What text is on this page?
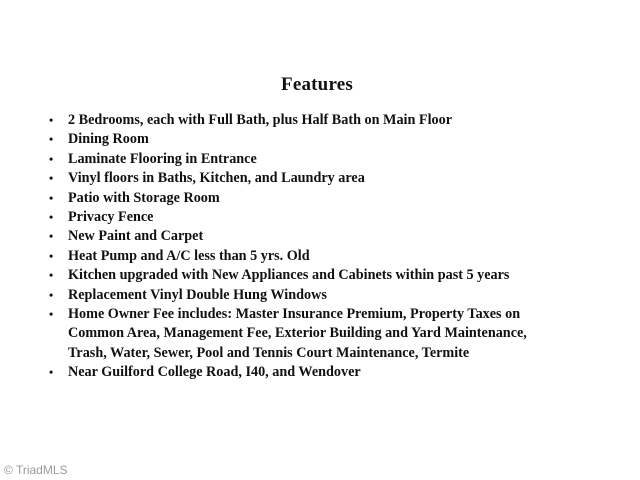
Features
• 2 Bedrooms, each with Full Bath, plus Half Bath on Main Floor
• Dining Room
• Laminate Flooring in Entrance
• Vinyl floors in Baths, Kitchen, and Laundry area
• Patio with Storage Room
• Privacy Fence
• New Paint and Carpet
• Heat Pump and A/C less than 5 yrs. Old
• Kitchen upgraded with New Appliances and Cabinets within past 5 years
• Replacement Vinyl Double Hung Windows
• Home Owner Fee includes: Master Insurance Premium, Property Taxes on
Common Area, Management Fee, Exterior Building and Yard Maintenance,
Trash, Water, Sewer, Pool and Tennis Court Maintenance, Termite
• Near Guilford College Road, I40, and Wendover
© TriadMLS
